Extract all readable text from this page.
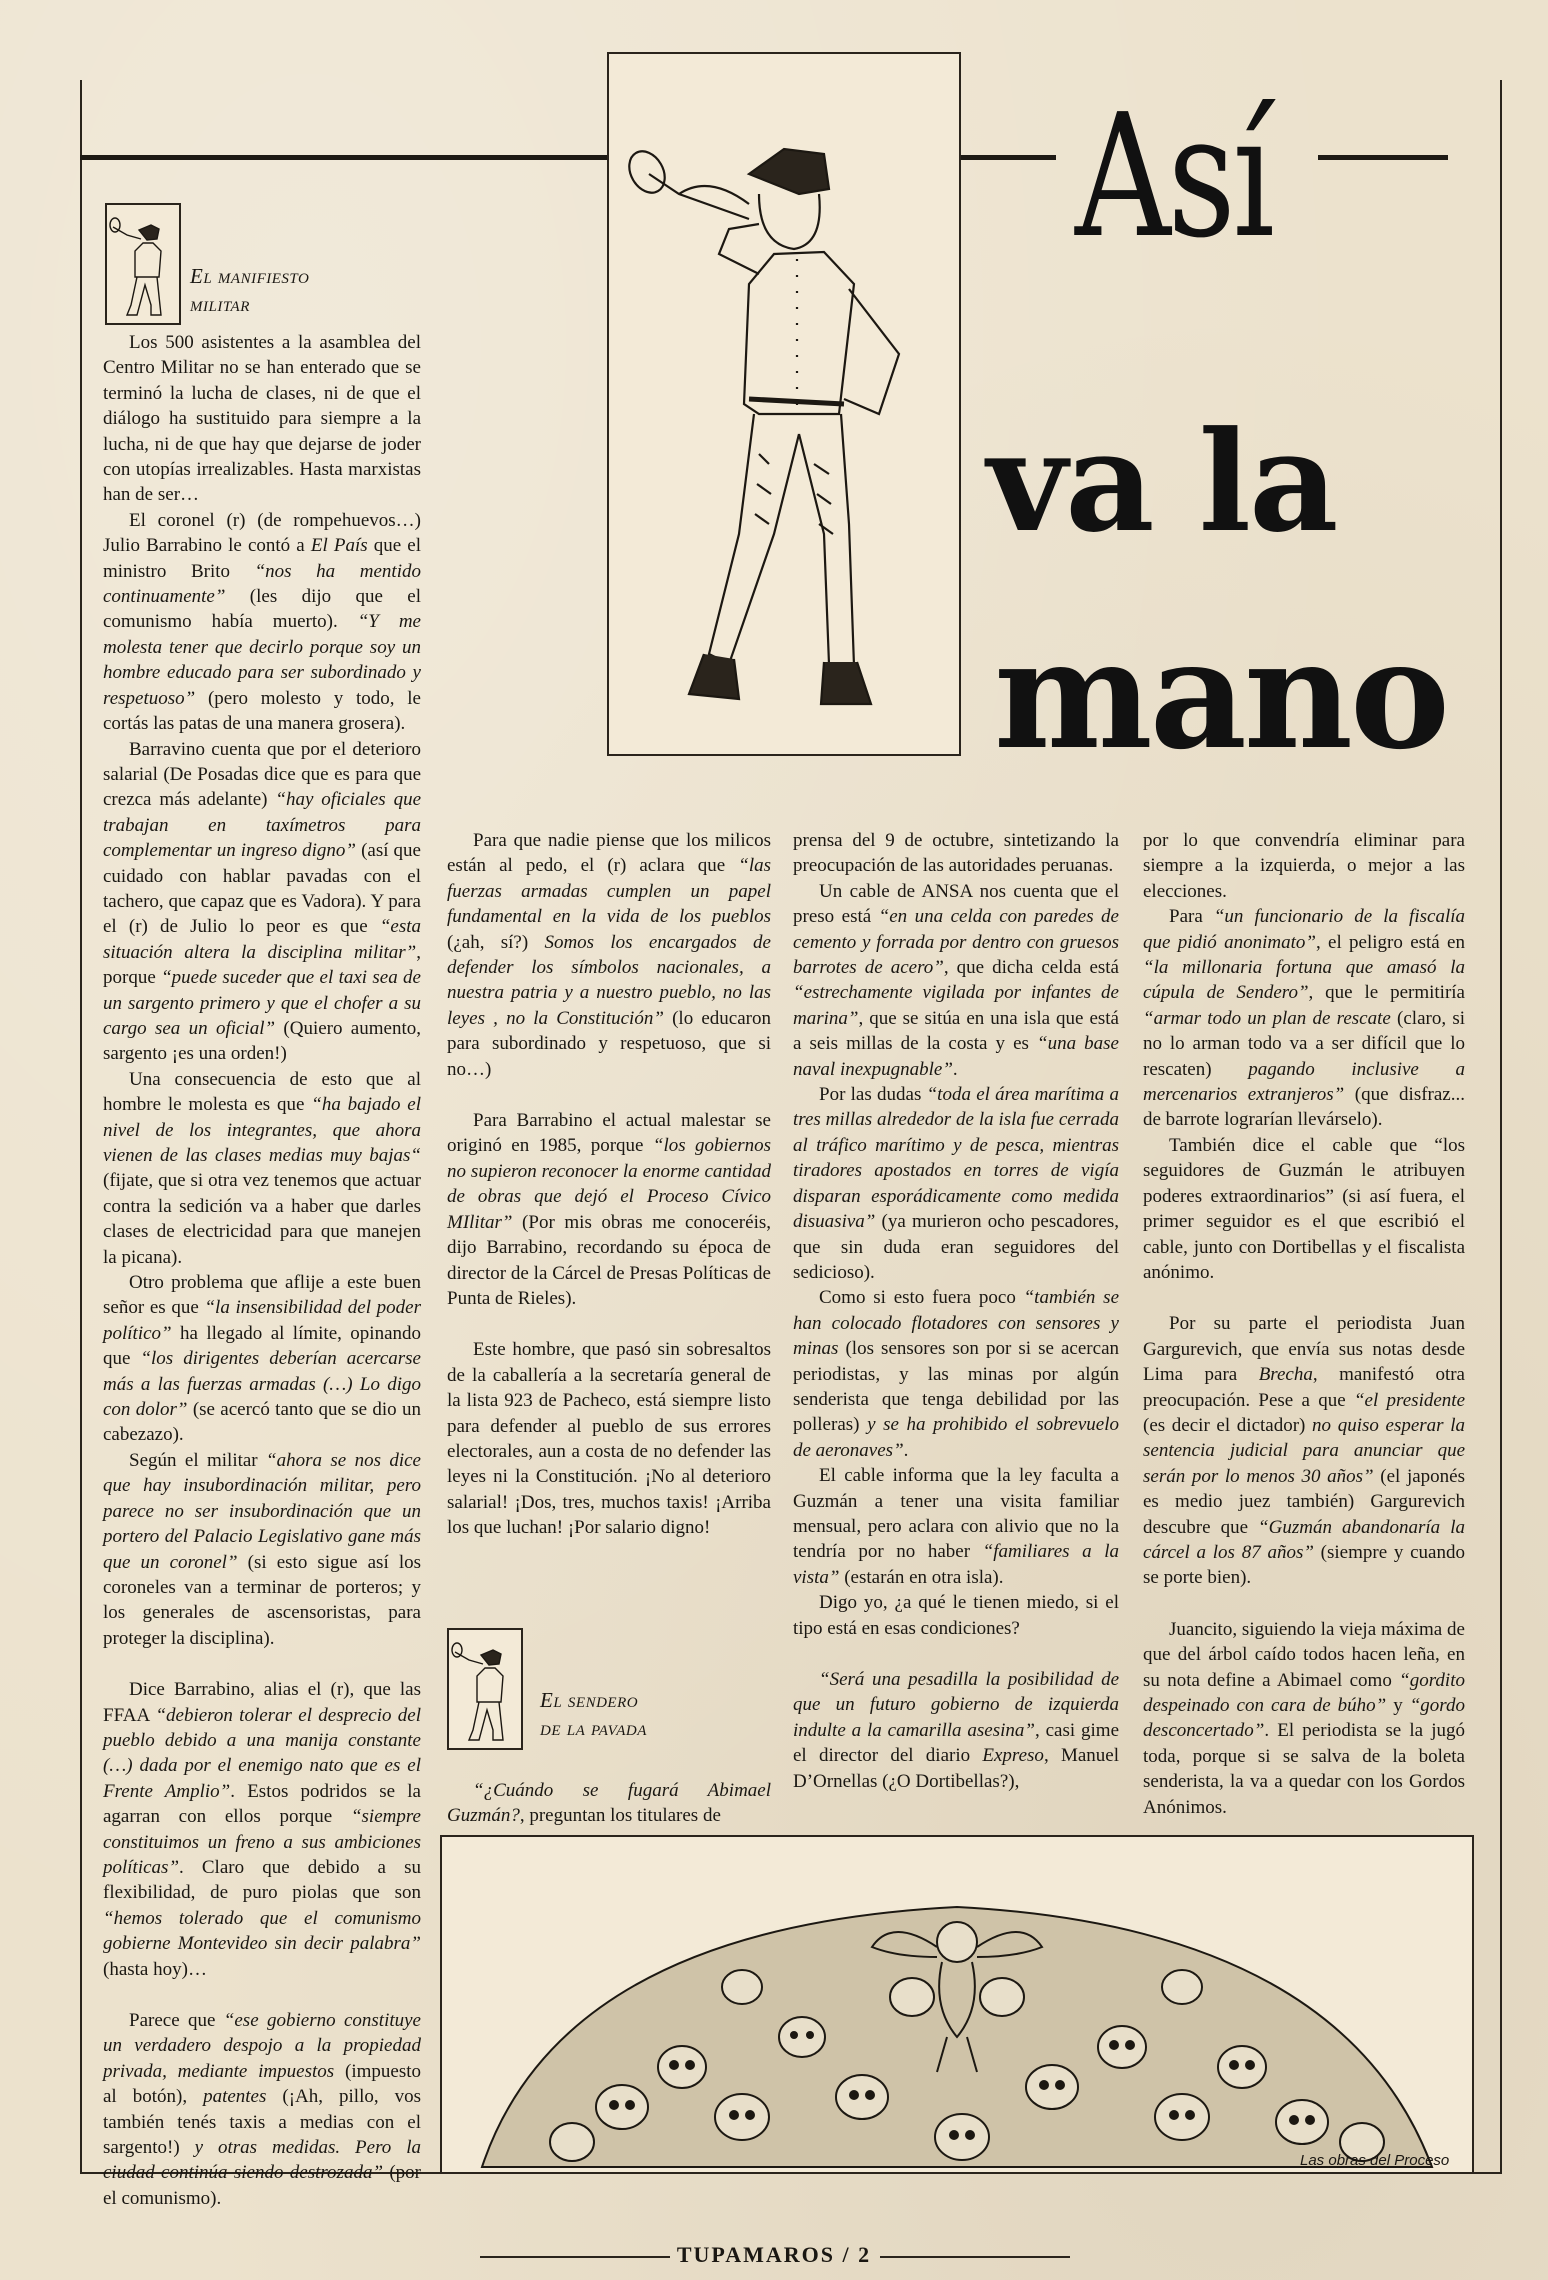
Así
va la
mano
El manifiesto
militar
El sendero
de la pavada

Los 500 asistentes a la asamblea del Centro Militar no se han enterado que se terminó la lucha de clases, ni de que el diálogo ha sustituido para siempre a la lucha, ni de que hay que dejarse de joder con utopías irrealizables. Hasta marxistas han de ser…

El coronel (r) (de rompehuevos…) Julio Barrabino le contó a El País que el ministro Brito “nos ha mentido continuamente” (les dijo que el comunismo había muerto). “Y me molesta tener que decirlo porque soy un hombre educado para ser subordinado y respetuoso” (pero molesto y todo, le cortás las patas de una manera grosera).

Barravino cuenta que por el deterioro salarial (De Posadas dice que es para que crezca más adelante) “hay oficiales que trabajan en taxímetros para complementar un ingreso digno” (así que cuidado con hablar pavadas con el tachero, que capaz que es Vadora). Y para el (r) de Julio lo peor es que “esta situación altera la disciplina militar”, porque “puede suceder que el taxi sea de un sargento primero y que el chofer a su cargo sea un oficial” (Quiero aumento, sargento ¡es una orden!)

Una consecuencia de esto que al hombre le molesta es que “ha bajado el nivel de los integrantes, que ahora vienen de las clases medias muy bajas“ (fijate, que si otra vez tenemos que actuar contra la sedición va a haber que darles clases de electricidad para que manejen la picana).

Otro problema que aflije a este buen señor es que “la insensibilidad del poder político” ha llegado al límite, opinando que “los dirigentes deberían acercarse más a las fuerzas armadas (…) Lo digo con dolor” (se acercó tanto que se dio un cabezazo).

Según el militar “ahora se nos dice que hay insubordinación militar, pero parece no ser insubordinación que un portero del Palacio Legislativo gane más que un coronel” (si esto sigue así los coroneles van a terminar de porteros; y los generales de ascensoristas, para proteger la disciplina).

Dice Barrabino, alias el (r), que las FFAA “debieron tolerar el desprecio del pueblo debido a una manija constante (…) dada por el enemigo nato que es el Frente Amplio”. Estos podridos se la agarran con ellos porque “siempre constituimos un freno a sus ambiciones políticas”. Claro que debido a su flexibilidad, de puro piolas que son “hemos tolerado que el comunismo gobierne Montevideo sin decir palabra” (hasta hoy)…

Parece que “ese gobierno constituye un verdadero despojo a la propiedad privada, mediante impuestos (impuesto al botón), patentes (¡Ah, pillo, vos también tenés taxis a medias con el sargento!) y otras medidas. Pero la ciudad continúa siendo destrozada” (por el comunismo).

Para que nadie piense que los milicos están al pedo, el (r) aclara que “las fuerzas armadas cumplen un papel fundamental en la vida de los pueblos (¿ah, sí?) Somos los encargados de defender los símbolos nacionales, a nuestra patria y a nuestro pueblo, no las leyes , no la Constitución” (lo educaron para subordinado y respetuoso, que si no…)

Para Barrabino el actual malestar se originó en 1985, porque “los gobiernos no supieron reconocer la enorme cantidad de obras que dejó el Proceso Cívico MIlitar” (Por mis obras me conoceréis, dijo Barrabino, recordando su época de director de la Cárcel de Presas Políticas de Punta de Rieles).

Este hombre, que pasó sin sobresaltos de la caballería a la secretaría general de la lista 923 de Pacheco, está siempre listo para defender al pueblo de sus errores electorales, aun a costa de no defender las leyes ni la Constitución. ¡No al deterioro salarial! ¡Dos, tres, muchos taxis! ¡Arriba los que luchan! ¡Por salario digno!

“¿Cuándo se fugará Abimael Guzmán?, preguntan los titulares de

prensa del 9 de octubre, sintetizando la preocupación de las autoridades peruanas.

Un cable de ANSA nos cuenta que el preso está “en una celda con paredes de cemento y forrada por dentro con gruesos barrotes de acero”, que dicha celda está “estrechamente vigilada por infantes de marina”, que se sitúa en una isla que está a seis millas de la costa y es “una base naval inexpugnable”.

Por las dudas “toda el área marítima a tres millas alrededor de la isla fue cerrada al tráfico marítimo y de pesca, mientras tiradores apostados en torres de vigía disparan esporádicamente como medida disuasiva” (ya murieron ocho pescadores, que sin duda eran seguidores del sedicioso).

Como si esto fuera poco “también se han colocado flotadores con sensores y minas (los sensores son por si se acercan periodistas, y las minas por algún senderista que tenga debilidad por las polleras) y se ha prohibido el sobrevuelo de aeronaves”.

El cable informa que la ley faculta a Guzmán a tener una visita familiar mensual, pero aclara con alivio que no la tendría por no haber “familiares a la vista” (estarán en otra isla).

Digo yo, ¿a qué le tienen miedo, si el tipo está en esas condiciones?

“Será una pesadilla la posibilidad de que un futuro gobierno de izquierda indulte a la camarilla asesina”, casi gime el director del diario Expreso, Manuel D’Ornellas (¿O Dortibellas?),

por lo que convendría eliminar para siempre a la izquierda, o mejor a las elecciones.

Para “un funcionario de la fiscalía que pidió anonimato”, el peligro está en “la millonaria fortuna que amasó la cúpula de Sendero”, que le permitiría “armar todo un plan de rescate (claro, si no lo arman todo va a ser difícil que lo rescaten) pagando inclusive a mercenarios extranjeros” (que disfraz... de barrote lograrían llevárselo).

También dice el cable que “los seguidores de Guzmán le atribuyen poderes extraordinarios” (si así fuera, el primer seguidor es el que escribió el cable, junto con Dortibellas y el fiscalista anónimo.

Por su parte el periodista Juan Gargurevich, que envía sus notas desde Lima para Brecha, manifestó otra preocupación. Pese a que “el presidente (es decir el dictador) no quiso esperar la sentencia judicial para anunciar que serán por lo menos 30 años” (el japonés es medio juez también) Gargurevich descubre que “Guzmán abandonaría la cárcel a los 87 años” (siempre y cuando se porte bien).

Juancito, siguiendo la vieja máxima de que del árbol caído todos hacen leña, en su nota define a Abimael como “gordito despeinado con cara de búho” y “gordo desconcertado”. El periodista se la jugó toda, porque si se salva de la boleta senderista, la va a quedar con los Gordos Anónimos.

Las obras del Proceso
TUPAMAROS / 2
